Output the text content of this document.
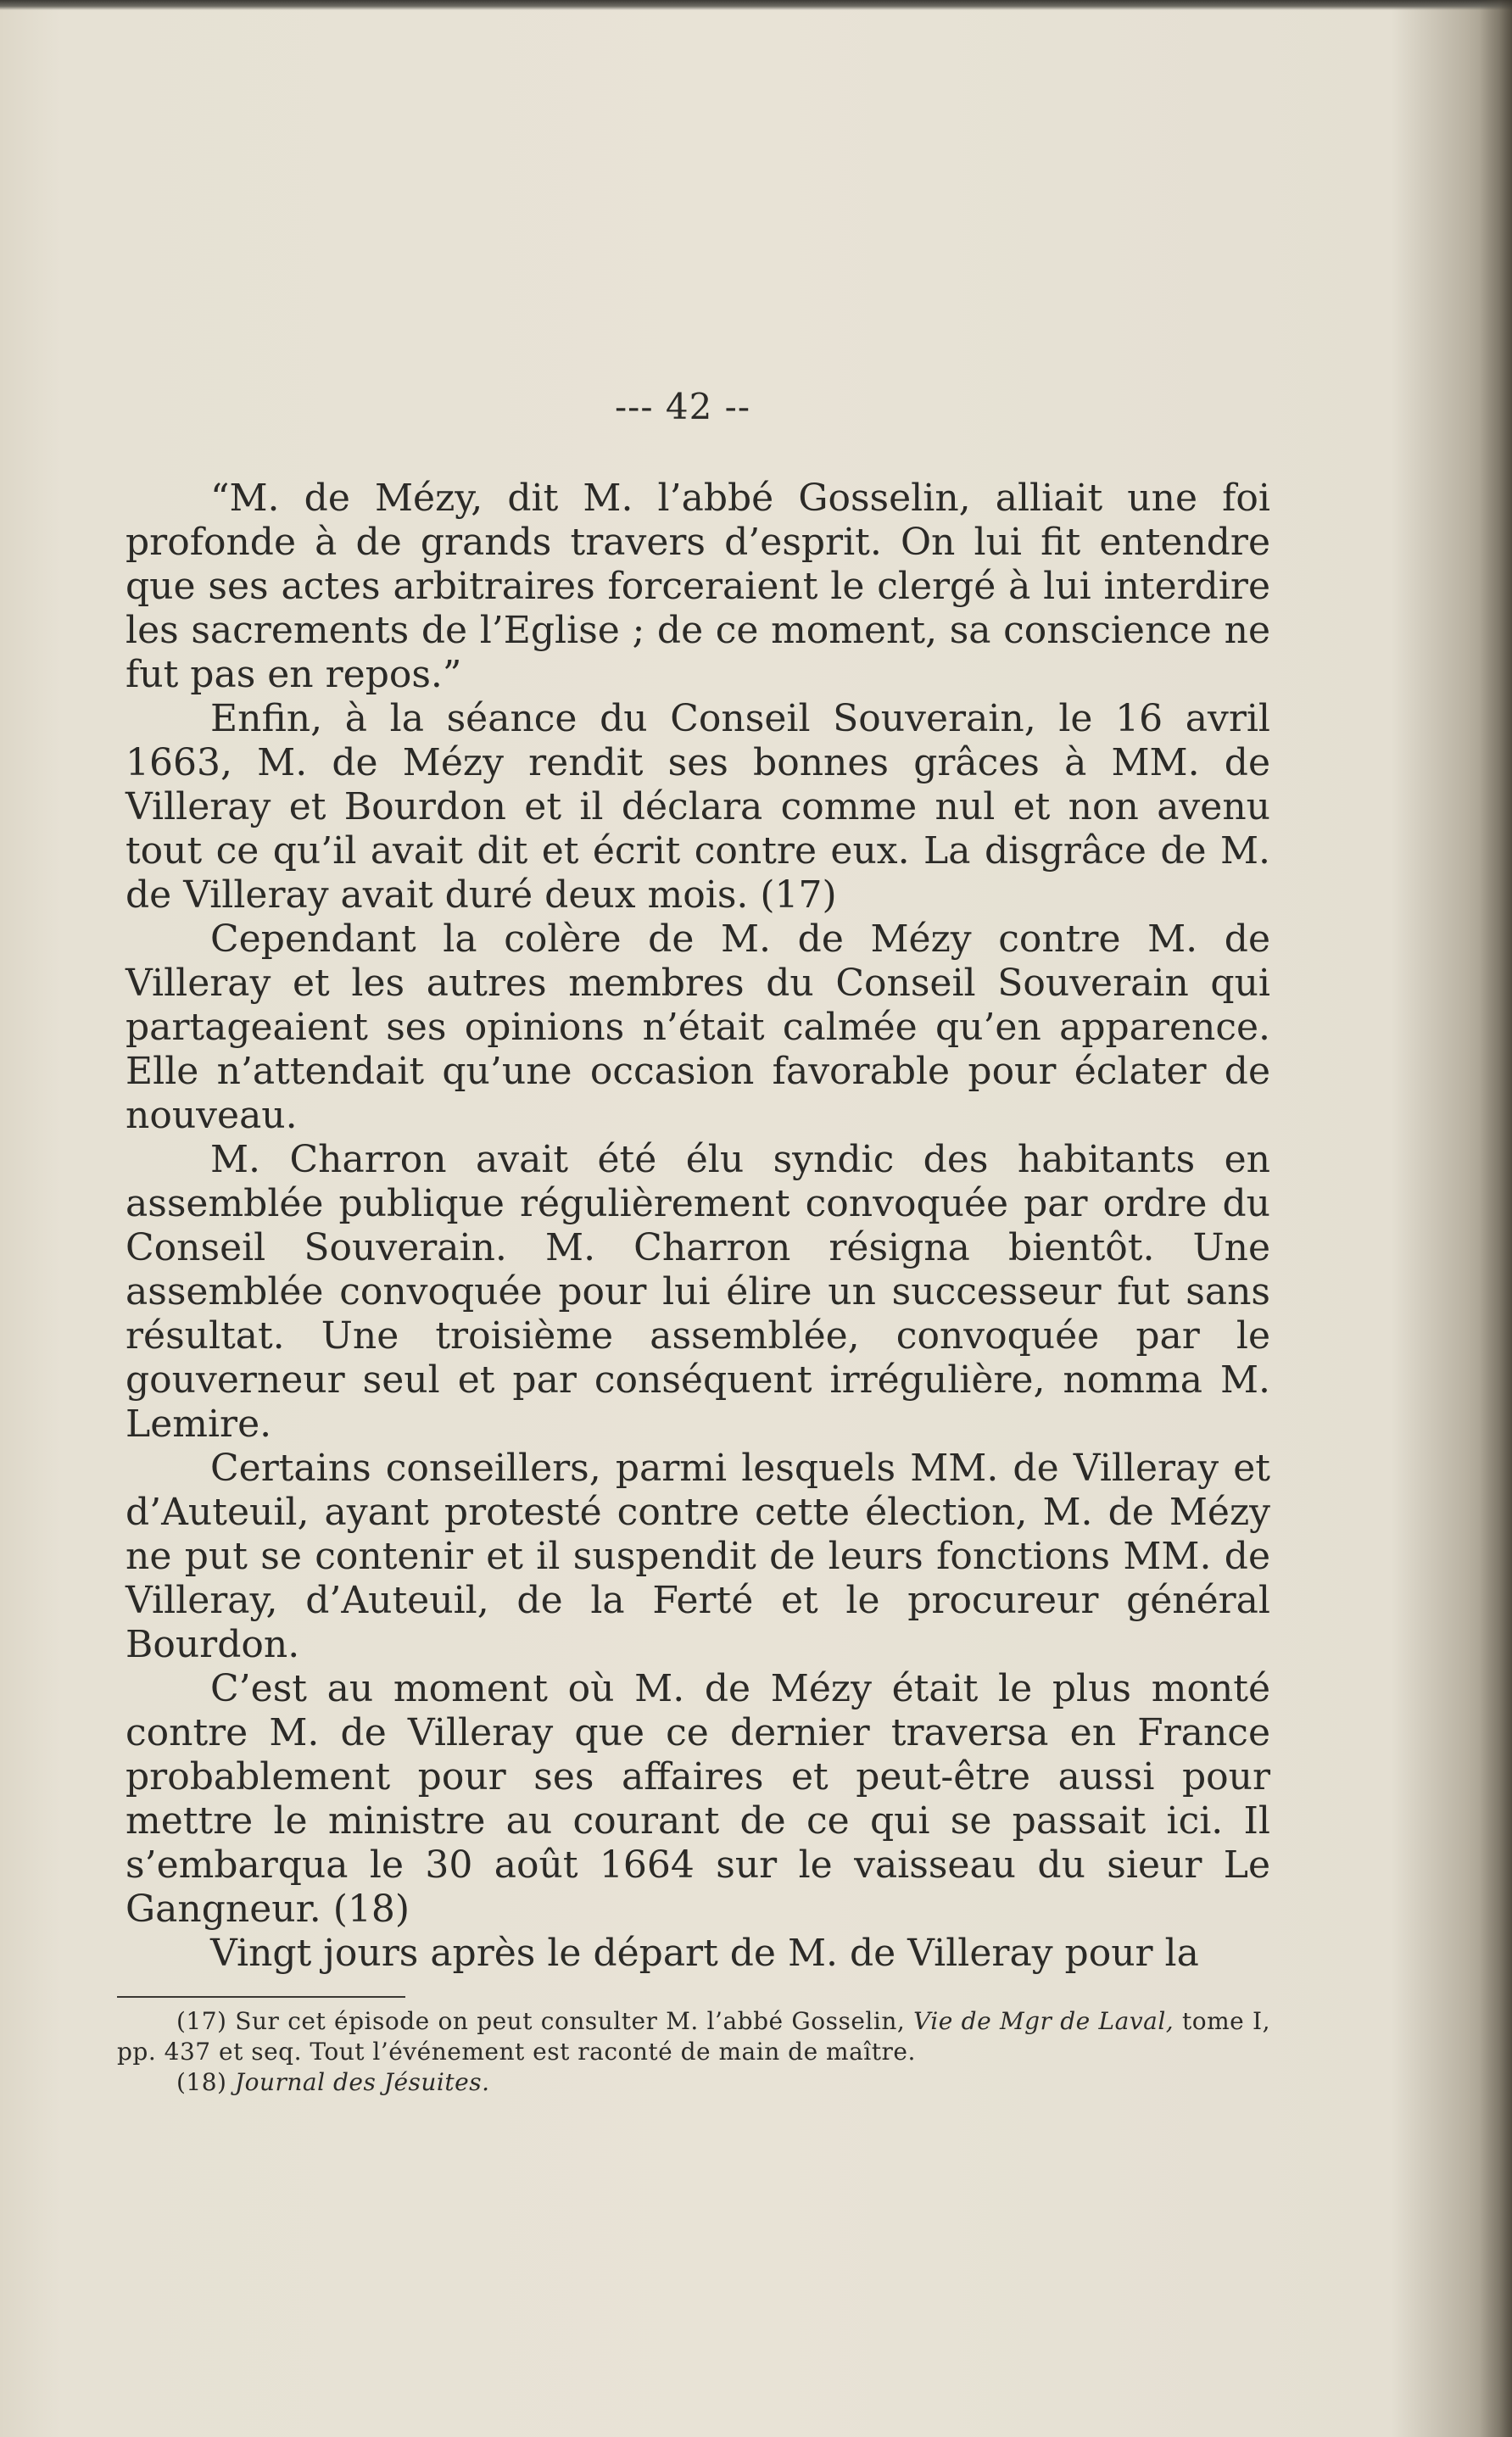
--- 42 --

“M. de Mézy, dit M. l’abbé Gosselin, alliait une foi profonde à de grands travers d’esprit. On lui fit entendre que ses actes arbitraires forceraient le clergé à lui interdire les sacrements de l’Eglise ; de ce moment, sa conscience ne fut pas en repos.”

Enfin, à la séance du Conseil Souverain, le 16 avril 1663, M. de Mézy rendit ses bonnes grâces à MM. de Villeray et Bourdon et il déclara comme nul et non avenu tout ce qu’il avait dit et écrit contre eux. La disgrâce de M. de Villeray avait duré deux mois. (17)

Cependant la colère de M. de Mézy contre M. de Villeray et les autres membres du Conseil Souverain qui partageaient ses opinions n’était calmée qu’en apparence. Elle n’attendait qu’une occasion favorable pour éclater de nouveau.

M. Charron avait été élu syndic des habitants en assemblée publique régulièrement convoquée par ordre du Conseil Souverain. M. Charron résigna bientôt. Une assemblée convoquée pour lui élire un successeur fut sans résultat. Une troisième assemblée, convoquée par le gouverneur seul et par conséquent irrégulière, nomma M. Lemire.

Certains conseillers, parmi lesquels MM. de Villeray et d’Auteuil, ayant protesté contre cette élection, M. de Mézy ne put se contenir et il suspendit de leurs fonctions MM. de Villeray, d’Auteuil, de la Ferté et le procureur général Bourdon.

C’est au moment où M. de Mézy était le plus monté contre M. de Villeray que ce dernier traversa en France probablement pour ses affaires et peut-être aussi pour mettre le ministre au courant de ce qui se passait ici. Il s’embarqua le 30 août 1664 sur le vaisseau du sieur Le Gangneur. (18)

Vingt jours après le départ de M. de Villeray pour la

(17) Sur cet épisode on peut consulter M. l’abbé Gosselin, Vie de Mgr de Laval, tome I, pp. 437 et seq. Tout l’événement est raconté de main de maître.

(18) Journal des Jésuites.
